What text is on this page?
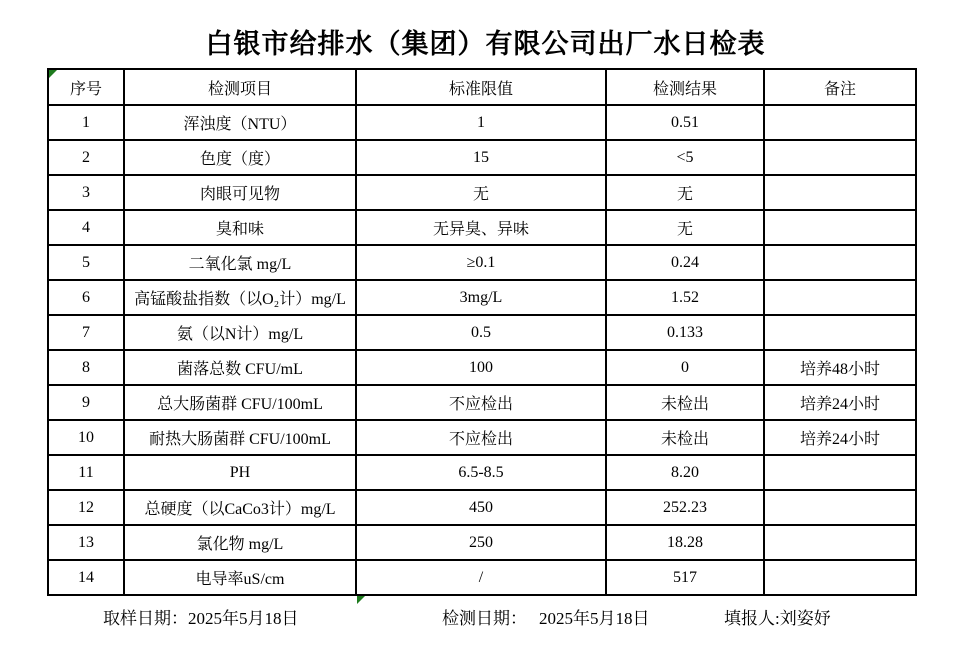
白银市给排水（集团）有限公司出厂水日检表
序号	检测项目	标准限值	检测结果	备注
1	浑浊度（NTU）	1	0.51	
2	色度（度）	15	<5	
3	肉眼可见物	无	无	
4	臭和味	无异臭、异味	无	
5	二氧化氯 mg/L	≥0.1	0.24	
6	高锰酸盐指数（以O₂计）mg/L	3mg/L	1.52	
7	氨（以N计）mg/L	0.5	0.133	
8	菌落总数 CFU/mL	100	0	培养48小时
9	总大肠菌群 CFU/100mL	不应检出	未检出	培养24小时
10	耐热大肠菌群 CFU/100mL	不应检出	未检出	培养24小时
11	PH	6.5-8.5	8.20	
12	总硬度（以CaCo3计）mg/L	450	252.23	
13	氯化物 mg/L	250	18.28	
14	电导率uS/cm	/	517	
取样日期：2025年5月18日	检测日期： 2025年5月18日	填报人:刘姿妤
